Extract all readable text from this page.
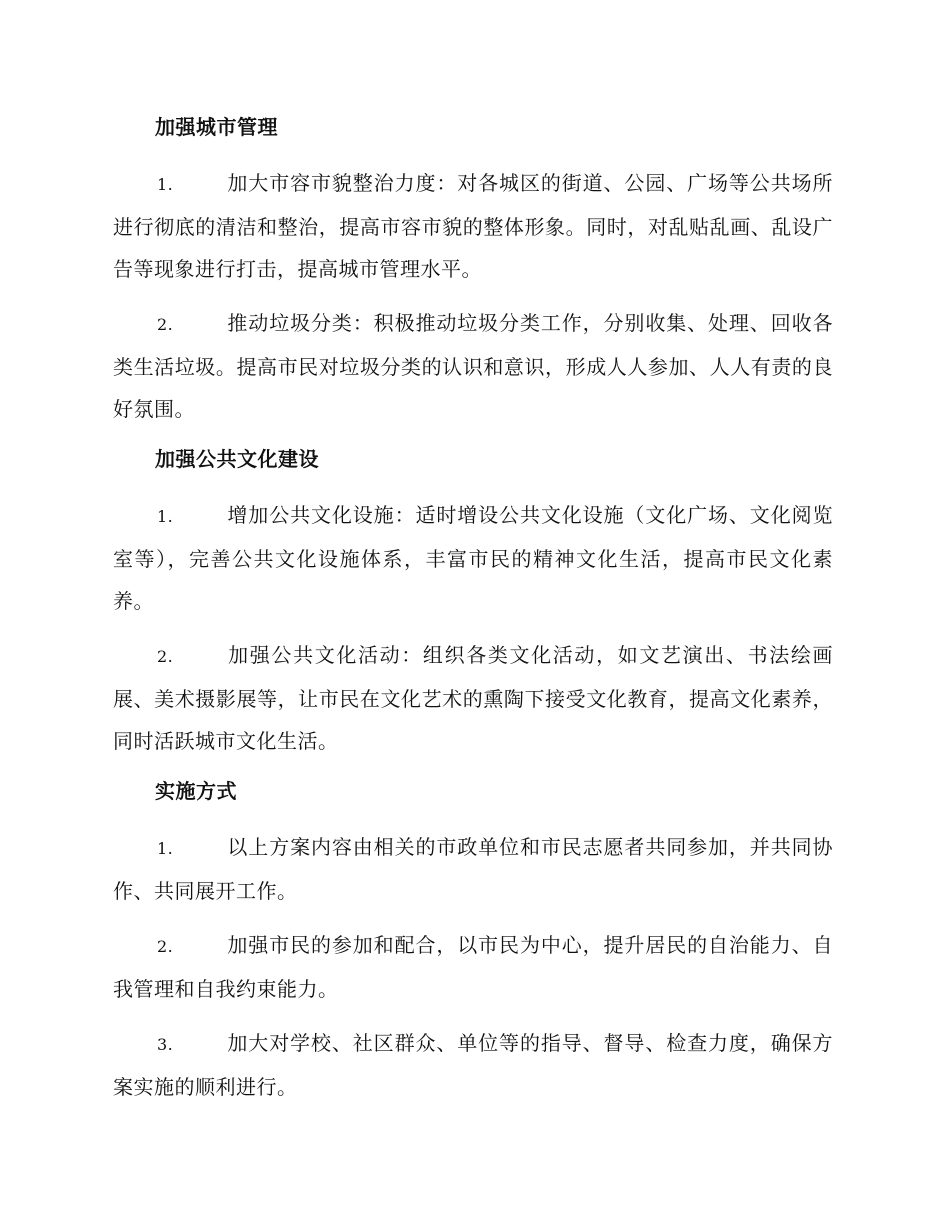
加强城市管理

1.	加大市容市貌整治力度：对各城区的街道、公园、广场等公共场所进行彻底的清洁和整治，提高市容市貌的整体形象。同时，对乱贴乱画、乱设广告等现象进行打击，提高城市管理水平。

2.	推动垃圾分类：积极推动垃圾分类工作，分别收集、处理、回收各类生活垃圾。提高市民对垃圾分类的认识和意识，形成人人参加、人人有责的良好氛围。

加强公共文化建设

1.	增加公共文化设施：适时增设公共文化设施（文化广场、文化阅览室等），完善公共文化设施体系，丰富市民的精神文化生活，提高市民文化素养。

2.	加强公共文化活动：组织各类文化活动，如文艺演出、书法绘画展、美术摄影展等，让市民在文化艺术的熏陶下接受文化教育，提高文化素养，同时活跃城市文化生活。

实施方式

1.	以上方案内容由相关的市政单位和市民志愿者共同参加，并共同协作、共同展开工作。

2.	加强市民的参加和配合，以市民为中心，提升居民的自治能力、自我管理和自我约束能力。

3.	加大对学校、社区群众、单位等的指导、督导、检查力度，确保方案实施的顺利进行。
